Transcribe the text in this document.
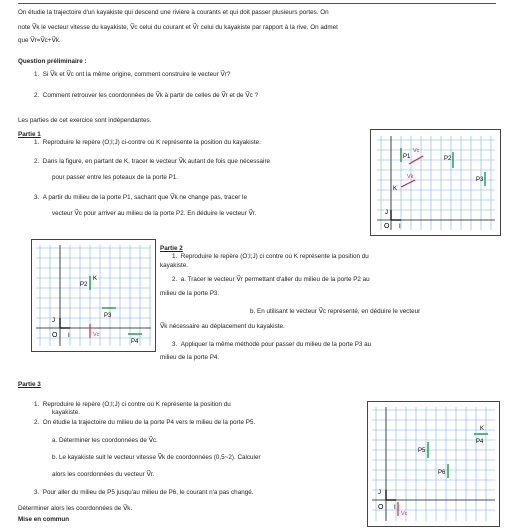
On étudie la trajectoire d'un kayakiste qui descend une rivière à courants et qui doit passer plusieurs portes. On
note V⃗k le vecteur vitesse du kayakiste, V⃗c celui du courant et V⃗r celui du kayakiste par rapport à la rive. On admet
que V⃗r=V⃗c+V⃗k.
Question préliminaire :
1. Si V⃗k et V⃗c ont la même origine, comment construire le vecteur V⃗r?
2. Comment retrouver les coordonnées de V⃗k à partir de celles de V⃗r et de V⃗c ?
Les parties de cet exercice sont indépendantes.
Partie 1
1. Reproduire le repère (O;I;J) ci-contre où K représente la position du kayakiste.
2. Dans la figure, en partant de K, tracer le vecteur V⃗k autant de fois que nécessaire
pour passer entre les poteaux de la porte P1.
3. A partir du milieu de la porte P1, sachant que V⃗k ne change pas, tracer le
vecteur V⃗c pour arriver au milieu de la porte P2. En déduire le vecteur V⃗r.
O I
J
K
Vk
Vc
P1	P2
P3
O I
J
P2
K
P3
Vc
P4
Partie 2
1. Reproduire le repère (O;I;J) ci contre où K représente la position du
kayakiste.
2. a. Tracer le vecteur V⃗r permettant d'aller du milieu de la porte P2 au
milieu de la porte P3.
b. En utilisant le vecteur V⃗c représenté, en déduire le vecteur
V⃗k nécessaire au déplacement du kayakiste.
3. Appliquer la même méthode pour passer du milieu de la porte P3 au
milieu de la porte P4.
Partie 3
1. Reproduire le repère (O;I;J) ci contre où K représente la position du
kayakiste.
2. On étudie la trajectoire du milieu de la porte P4 vers le milieu de la porte P5.
a. Déterminer les coordonnées de V⃗c.
b. Le kayakiste suit le vecteur vitesse V⃗k de coordonnées (0,5~2). Calculer
alors les coordonnées du vecteur V⃗r.
3. Pour aller du milieu de P5 jusqu'au milieu de P6, le courant n'a pas changé.
Déterminer alors les coordonnées de V⃗k.
Mise en commun
O I
J
Vc
P5
P6
P4
K
